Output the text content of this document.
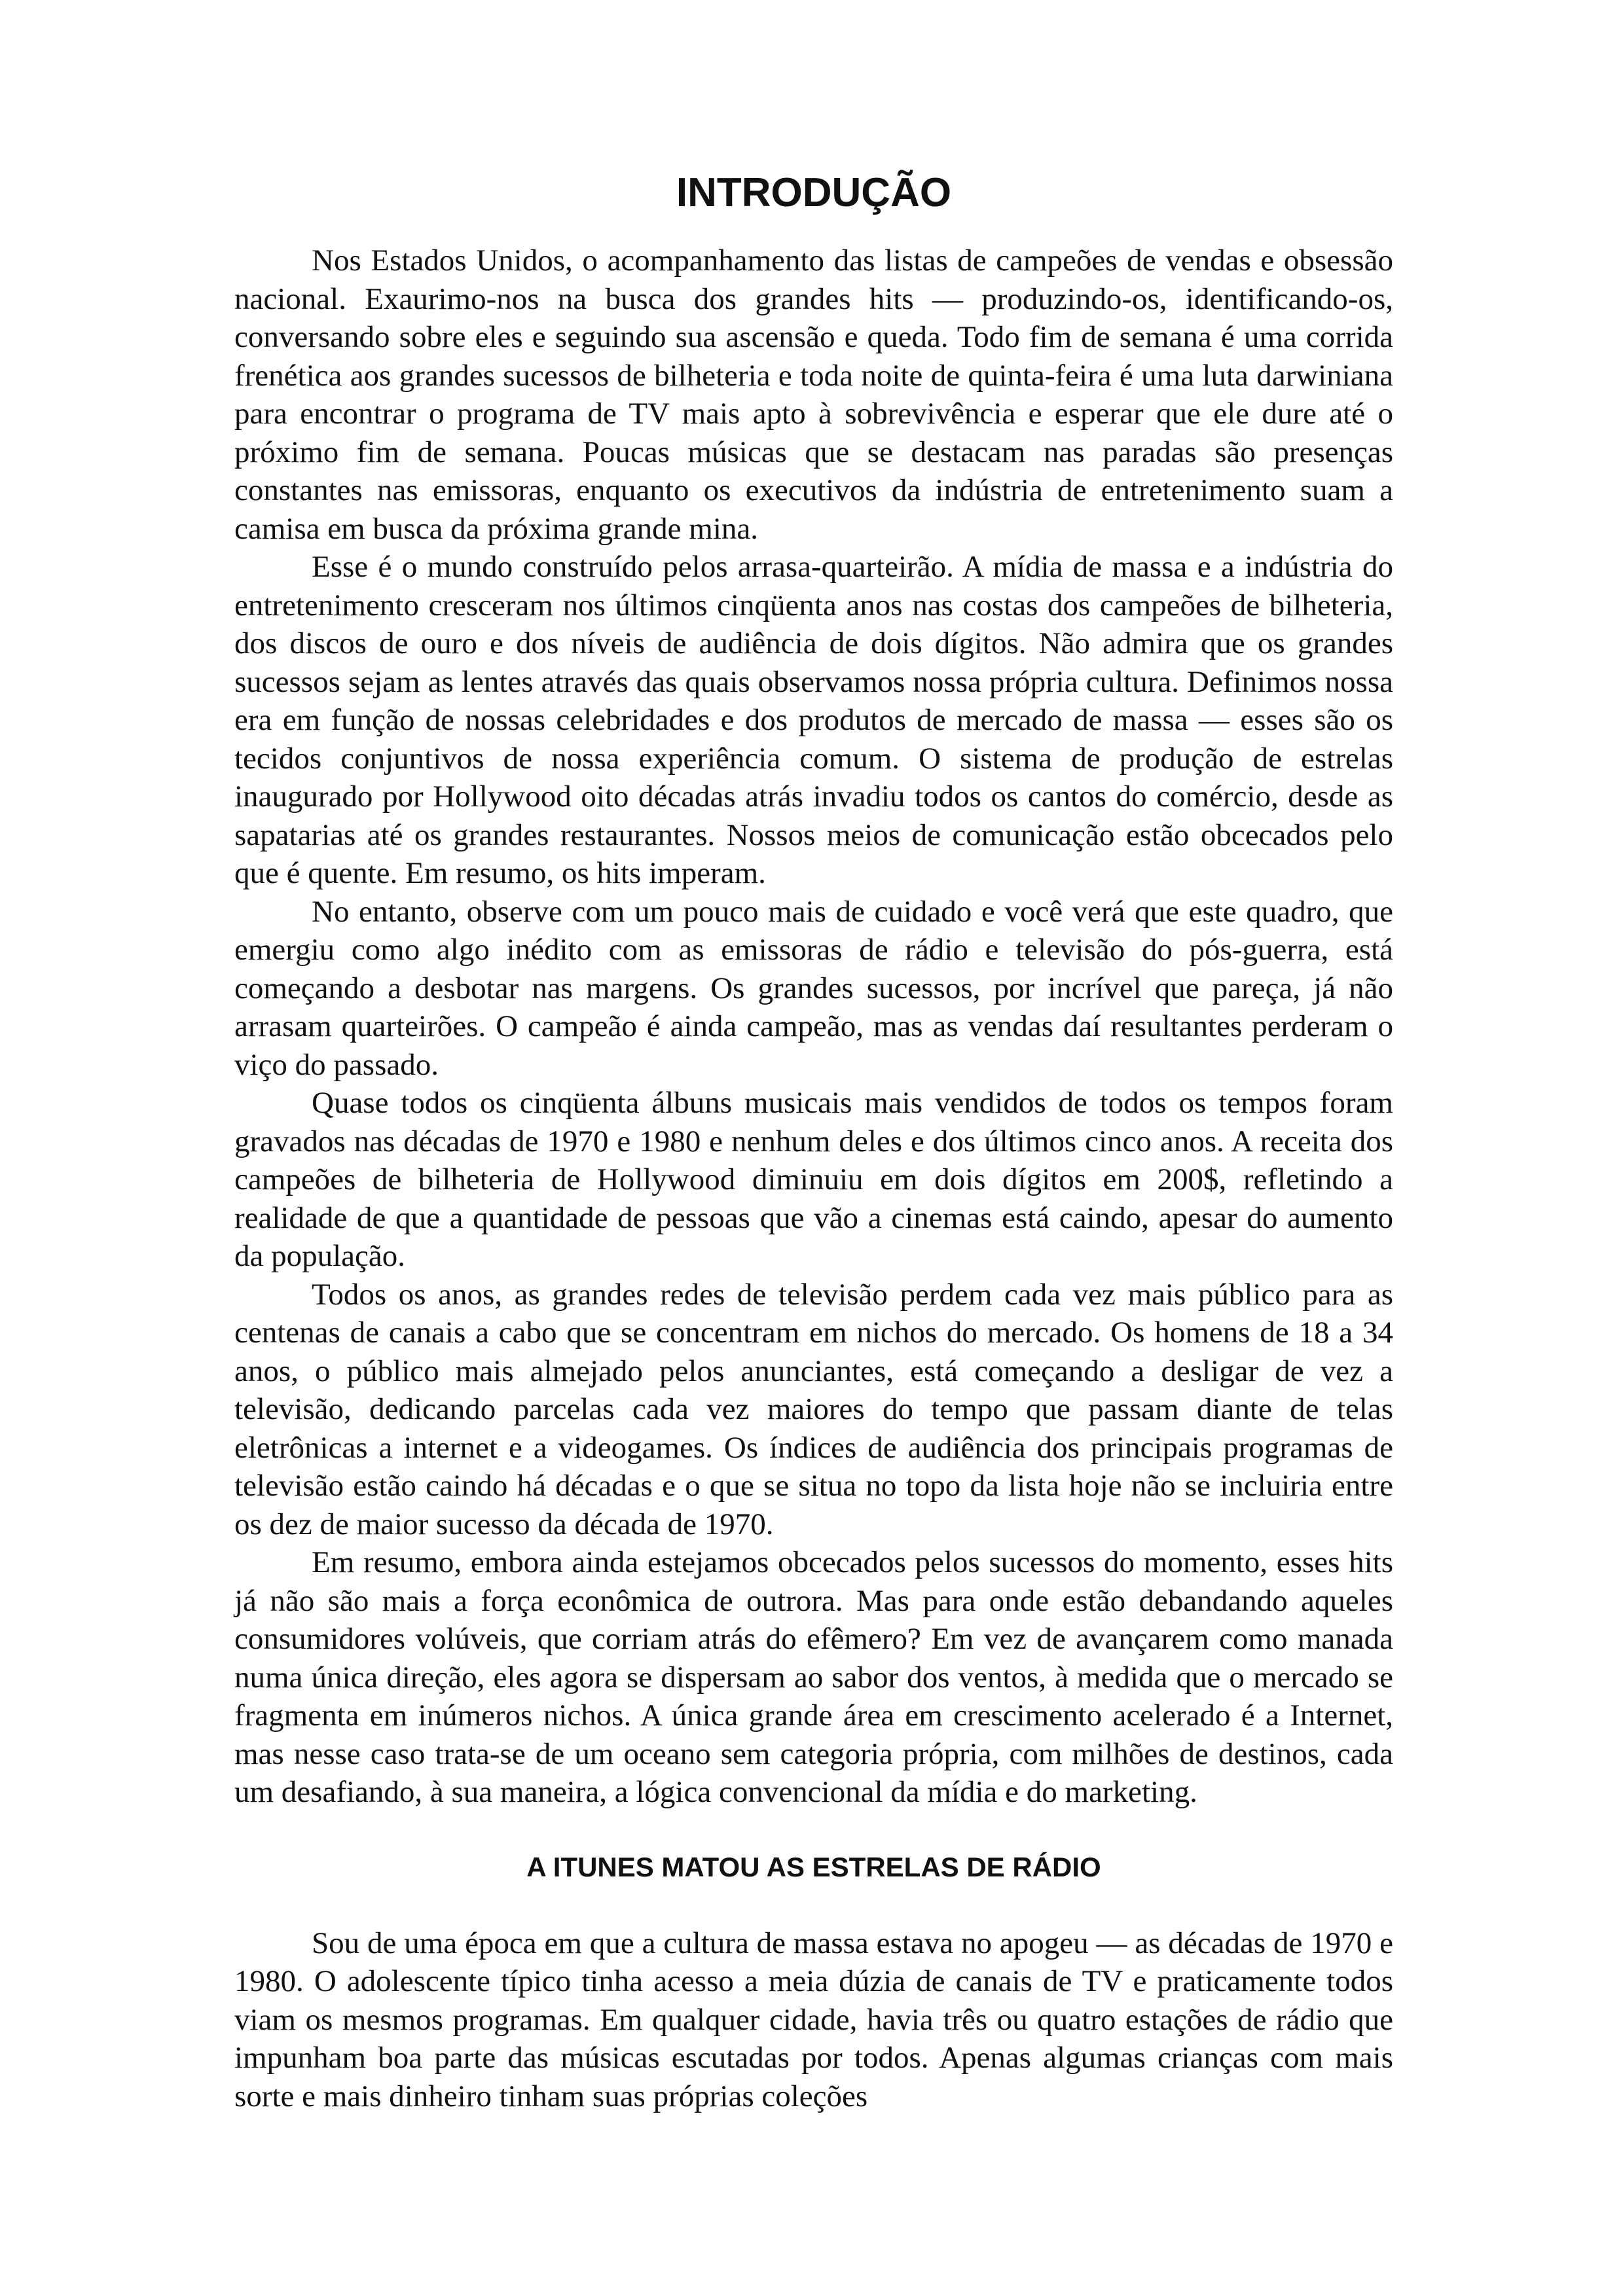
INTRODUÇÃO

Nos Estados Unidos, o acompanhamento das listas de campeões de vendas e obsessão nacional. Exaurimo-nos na busca dos grandes hits — produzindo-os, identificando-os, conversando sobre eles e seguindo sua ascensão e queda. Todo fim de semana é uma corrida frenética aos grandes sucessos de bilheteria e toda noite de quinta-feira é uma luta darwiniana para encontrar o programa de TV mais apto à sobrevivência e esperar que ele dure até o próximo fim de semana. Poucas músicas que se destacam nas paradas são presenças constantes nas emissoras, enquanto os executivos da indústria de entretenimento suam a camisa em busca da próxima grande mina.

Esse é o mundo construído pelos arrasa-quarteirão. A mídia de massa e a indústria do entretenimento cresceram nos últimos cinqüenta anos nas costas dos campeões de bilheteria, dos discos de ouro e dos níveis de audiência de dois dígitos. Não admira que os grandes sucessos sejam as lentes através das quais observamos nossa própria cultura. Definimos nossa era em função de nossas celebridades e dos produtos de mercado de massa — esses são os tecidos conjuntivos de nossa experiência comum. O sistema de produção de estrelas inaugurado por Hollywood oito décadas atrás invadiu todos os cantos do comércio, desde as sapatarias até os grandes restaurantes. Nossos meios de comunicação estão obcecados pelo que é quente. Em resumo, os hits imperam.

No entanto, observe com um pouco mais de cuidado e você verá que este quadro, que emergiu como algo inédito com as emissoras de rádio e televisão do pós-guerra, está começando a desbotar nas margens. Os grandes sucessos, por incrível que pareça, já não arrasam quarteirões. O campeão é ainda campeão, mas as vendas daí resultantes perderam o viço do passado.

Quase todos os cinqüenta álbuns musicais mais vendidos de todos os tempos foram gravados nas décadas de 1970 e 1980 e nenhum deles e dos últimos cinco anos. A receita dos campeões de bilheteria de Hollywood diminuiu em dois dígitos em 200$, refletindo a realidade de que a quantidade de pessoas que vão a cinemas está caindo, apesar do aumento da população.

Todos os anos, as grandes redes de televisão perdem cada vez mais público para as centenas de canais a cabo que se concentram em nichos do mercado. Os homens de 18 a 34 anos, o público mais almejado pelos anunciantes, está começando a desligar de vez a televisão, dedicando parcelas cada vez maiores do tempo que passam diante de telas eletrônicas a internet e a videogames. Os índices de audiência dos principais programas de televisão estão caindo há décadas e o que se situa no topo da lista hoje não se incluiria entre os dez de maior sucesso da década de 1970.

Em resumo, embora ainda estejamos obcecados pelos sucessos do momento, esses hits já não são mais a força econômica de outrora. Mas para onde estão debandando aqueles consumidores volúveis, que corriam atrás do efêmero? Em vez de avançarem como manada numa única direção, eles agora se dispersam ao sabor dos ventos, à medida que o mercado se fragmenta em inúmeros nichos. A única grande área em crescimento acelerado é a Internet, mas nesse caso trata-se de um oceano sem categoria própria, com milhões de destinos, cada um desafiando, à sua maneira, a lógica convencional da mídia e do marketing.

A ITUNES MATOU AS ESTRELAS DE RÁDIO

Sou de uma época em que a cultura de massa estava no apogeu — as décadas de 1970 e 1980. O adolescente típico tinha acesso a meia dúzia de canais de TV e praticamente todos viam os mesmos programas. Em qualquer cidade, havia três ou quatro estações de rádio que impunham boa parte das músicas escutadas por todos. Apenas algumas crianças com mais sorte e mais dinheiro tinham suas próprias coleções
